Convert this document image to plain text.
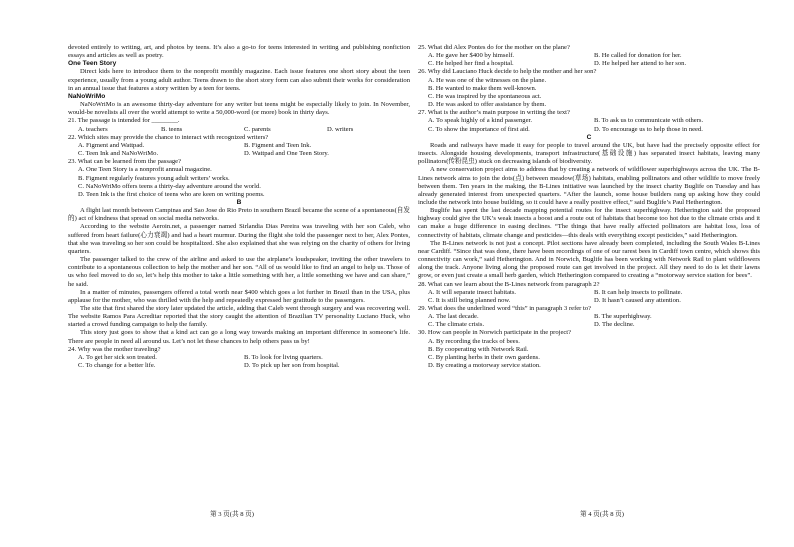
devoted entirely to writing, art, and photos by teens. It’s also a go-to for teens interested in writing and publishing nonfiction essays and articles as well as poetry.

One Teen Story

Direct kids here to introduce them to the nonprofit monthly magazine. Each issue features one short story about the teen experience, usually from a young adult author. Teens drawn to the short story form can also submit their works for consideration in an annual issue that features a story written by a teen for teens.

NaNoWriMo

NaNoWriMo is an awesome thirty-day adventure for any writer but teens might be especially likely to join. In November, would-be novelists all over the world attempt to write a 50,000-word (or more) book in thirty days.

21. The passage is intended for ________.

A. teachers	B. teens	C. parents	D. writers

22. Which sites may provide the chance to interact with recognized writers?

A. Figment and Wattpad.	B. Figment and Teen Ink.
C. Teen Ink and NaNoWriMo.	D. Wattpad and One Teen Story.

23. What can be learned from the passage?

A. One Teen Story is a nonprofit annual magazine.
B. Figment regularly features young adult writers’ works.
C. NaNoWriMo offers teens a thirty-day adventure around the world.
D. Teen Ink is the first choice of teens who are keen on writing poems.

B

A flight last month between Campinas and Sao Jose do Rio Preto in southern Brazil became the scene of a spontaneous(自发的) act of kindness that spread on social media networks.

According to the website Aeroin.net, a passenger named Sirlandia Dias Pereira was traveling with her son Caleb, who suffered from heart failure(心力衰竭) and had a heart murmur. During the flight she told the passenger next to her, Alex Pontes, that she was traveling so her son could be hospitalized. She also explained that she was relying on the charity of others for living quarters.

The passenger talked to the crew of the airline and asked to use the airplane’s loudspeaker, inviting the other travelers to contribute to a spontaneous collection to help the mother and her son. “All of us would like to find an angel to help us. Those of us who feel moved to do so, let’s help this mother to take a little something with her, a little something we have and can share,” he said.

In a matter of minutes, passengers offered a total worth near $400 which goes a lot further in Brazil than in the USA, plus applause for the mother, who was thrilled with the help and repeatedly expressed her gratitude to the passengers.

The site that first shared the story later updated the article, adding that Caleb went through surgery and was recovering well. The website Ramos Para Acreditar reported that the story caught the attention of Brazilian TV personality Luciano Huck, who started a crowd funding campaign to help the family.

This story just goes to show that a kind act can go a long way towards making an important difference in someone’s life. There are people in need all around us. Let’s not let these chances to help others pass us by!

24. Why was the mother traveling?

A. To get her sick son treated.	B. To look for living quarters.
C. To change for a better life.	D. To pick up her son from hospital.

25. What did Alex Pontes do for the mother on the plane?

A. He gave her $400 by himself.	B. He called for donation for her.
C. He helped her find a hospital.	D. He helped her attend to her son.

26. Why did Lauciano Huck decide to help the mother and her son?

A. He was one of the witnesses on the plane.
B. He wanted to make them well-known.
C. He was inspired by the spontaneous act.
D. He was asked to offer assistance by them.

27. What is the author’s main purpose in writing the text?

A. To speak highly of a kind passenger.	B. To ask us to communicate with others.
C. To show the importance of first aid.	D. To encourage us to help those in need.

C

Roads and railways have made it easy for people to travel around the UK, but have had the precisely opposite effect for insects. Alongside housing developments, transport infrastructure(基础设施) has separated insect habitats, leaving many pollinators(传粉昆虫) stuck on decreasing islands of biodiversity.

A new conservation project aims to address that by creating a network of wildflower superhighways across the UK. The B-Lines network aims to join the dots(点) between meadow(草场) habitats, enabling pollinators and other wildlife to move freely between them. Ten years in the making, the B-Lines initiative was launched by the insect charity Buglife on Tuesday and has already generated interest from unexpected quarters. “After the launch, some house builders rang up asking how they could include the network into house building, so it could have a really positive effect,” said Buglife’s Paul Hetherington.

Buglife has spent the last decade mapping potential routes for the insect superhighway. Hetherington said the proposed highway could give the UK’s weak insects a boost and a route out of habitats that become too hot due to the climate crisis and it can make a huge difference in easing declines. “The things that have really affected pollinators are habitat loss, loss of connectivity of habitats, climate change and pesticides—this deals with everything except pesticides,” said Hetherington.

The B-Lines network is not just a concept. Pilot sections have already been completed, including the South Wales B-Lines near Cardiff. “Since that was done, there have been recordings of one of our rarest bees in Cardiff town centre, which shows this connectivity can work,” said Hetherington. And in Norwich, Buglife has been working with Network Rail to plant wildflowers along the track. Anyone living along the proposed route can get involved in the project. All they need to do is let their lawns grow, or even just create a small herb garden, which Hetherington compared to creating a “motorway service station for bees”.

28. What can we learn about the B-Lines network from paragraph 2?

A. It will separate insect habitats.	B. It can help insects to pollinate.
C. It is still being planned now.	D. It hasn’t caused any attention.

29. What does the underlined word “this” in paragraph 3 refer to?

A. The last decade.	B. The superhighway.
C. The climate crisis.	D. The decline.

30. How can people in Norwich participate in the project?

A. By recording the tracks of bees.
B. By cooperating with Network Rail.
C. By planting herbs in their own gardens.
D. By creating a motorway service station.
第 3 页(共 8 页)	第 4 页(共 8 页)
